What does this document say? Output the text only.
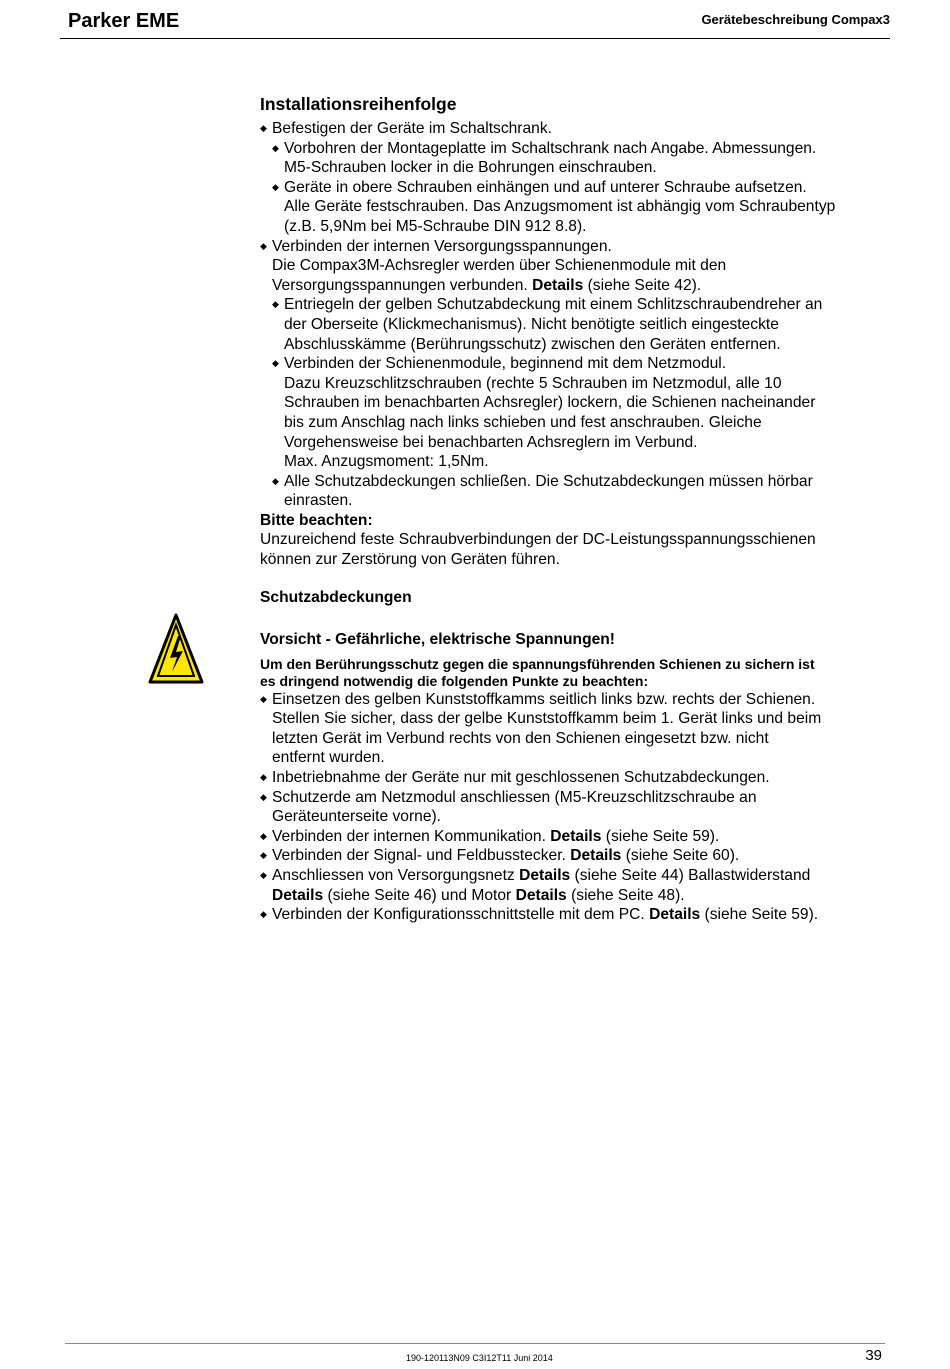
Parker EME	Gerätebeschreibung Compax3
Installationsreihenfolge
◆ Befestigen der Geräte im Schaltschrank.
◆ Vorbohren der Montageplatte im Schaltschrank nach Angabe. Abmessungen.
M5-Schrauben locker in die Bohrungen einschrauben.
◆ Geräte in obere Schrauben einhängen und auf unterer Schraube aufsetzen.
Alle Geräte festschrauben. Das Anzugsmoment ist abhängig vom Schraubentyp
(z.B. 5,9Nm bei M5-Schraube DIN 912 8.8).
◆ Verbinden der internen Versorgungsspannungen.
Die Compax3M-Achsregler werden über Schienenmodule mit den
Versorgungsspannungen verbunden. Details (siehe Seite 42).
◆ Entriegeln der gelben Schutzabdeckung mit einem Schlitzschraubendreher an
der Oberseite (Klickmechanismus). Nicht benötigte seitlich eingesteckte
Abschlusskämme (Berührungsschutz) zwischen den Geräten entfernen.
◆ Verbinden der Schienenmodule, beginnend mit dem Netzmodul.
Dazu Kreuzschlitzschrauben (rechte 5 Schrauben im Netzmodul, alle 10
Schrauben im benachbarten Achsregler) lockern, die Schienen nacheinander
bis zum Anschlag nach links schieben und fest anschrauben. Gleiche
Vorgehensweise bei benachbarten Achsreglern im Verbund.
Max. Anzugsmoment: 1,5Nm.
◆ Alle Schutzabdeckungen schließen. Die Schutzabdeckungen müssen hörbar
einrasten.
Bitte beachten:
Unzureichend feste Schraubverbindungen der DC-Leistungsspannungsschienen
können zur Zerstörung von Geräten führen.
Schutzabdeckungen
Vorsicht - Gefährliche, elektrische Spannungen!
Um den Berührungsschutz gegen die spannungsführenden Schienen zu sichern ist
es dringend notwendig die folgenden Punkte zu beachten:
◆ Einsetzen des gelben Kunststoffkamms seitlich links bzw. rechts der Schienen.
Stellen Sie sicher, dass der gelbe Kunststoffkamm beim 1. Gerät links und beim
letzten Gerät im Verbund rechts von den Schienen eingesetzt bzw. nicht
entfernt wurden.
◆ Inbetriebnahme der Geräte nur mit geschlossenen Schutzabdeckungen.
◆ Schutzerde am Netzmodul anschliessen (M5-Kreuzschlitzschraube an
Geräteunterseite vorne).
◆ Verbinden der internen Kommunikation. Details (siehe Seite 59).
◆ Verbinden der Signal- und Feldbusstecker. Details (siehe Seite 60).
◆ Anschliessen von Versorgungsnetz Details (siehe Seite 44) Ballastwiderstand
Details (siehe Seite 46) und Motor Details (siehe Seite 48).
◆ Verbinden der Konfigurationsschnittstelle mit dem PC. Details (siehe Seite 59).
190-120113N09 C3I12T11 Juni 2014	39
